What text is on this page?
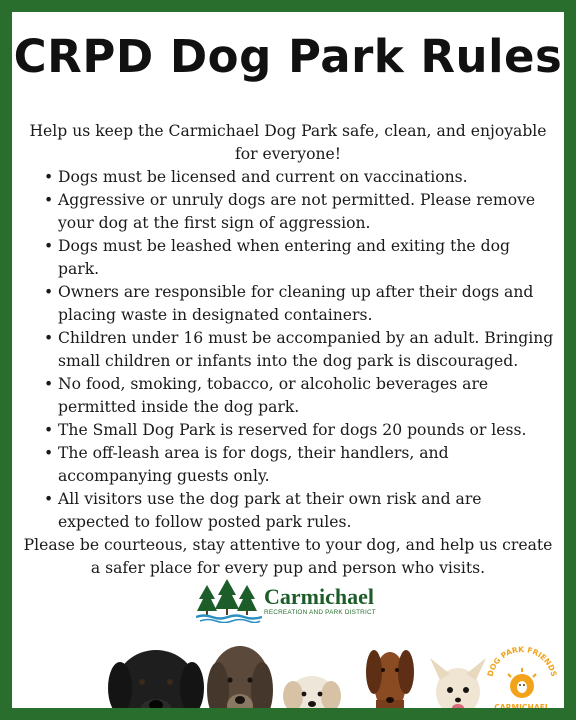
CRPD Dog Park Rules

Help us keep the Carmichael Dog Park safe, clean, and enjoyable for everyone!

• Dogs must be licensed and current on vaccinations.
• Aggressive or unruly dogs are not permitted. Please remove your dog at the first sign of aggression.
• Dogs must be leashed when entering and exiting the dog park.
• Owners are responsible for cleaning up after their dogs and placing waste in designated containers.
• Children under 16 must be accompanied by an adult. Bringing small children or infants into the dog park is discouraged.
• No food, smoking, tobacco, or alcoholic beverages are permitted inside the dog park.
• The Small Dog Park is reserved for dogs 20 pounds or less.
• The off-leash area is for dogs, their handlers, and accompanying guests only.
• All visitors use the dog park at their own risk and are expected to follow posted park rules.

Please be courteous, stay attentive to your dog, and help us create a safer place for every pup and person who visits.

Carmichael
RECREATION AND PARK DISTRICT
DOG PARK FRIENDS
CARMICHAEL
